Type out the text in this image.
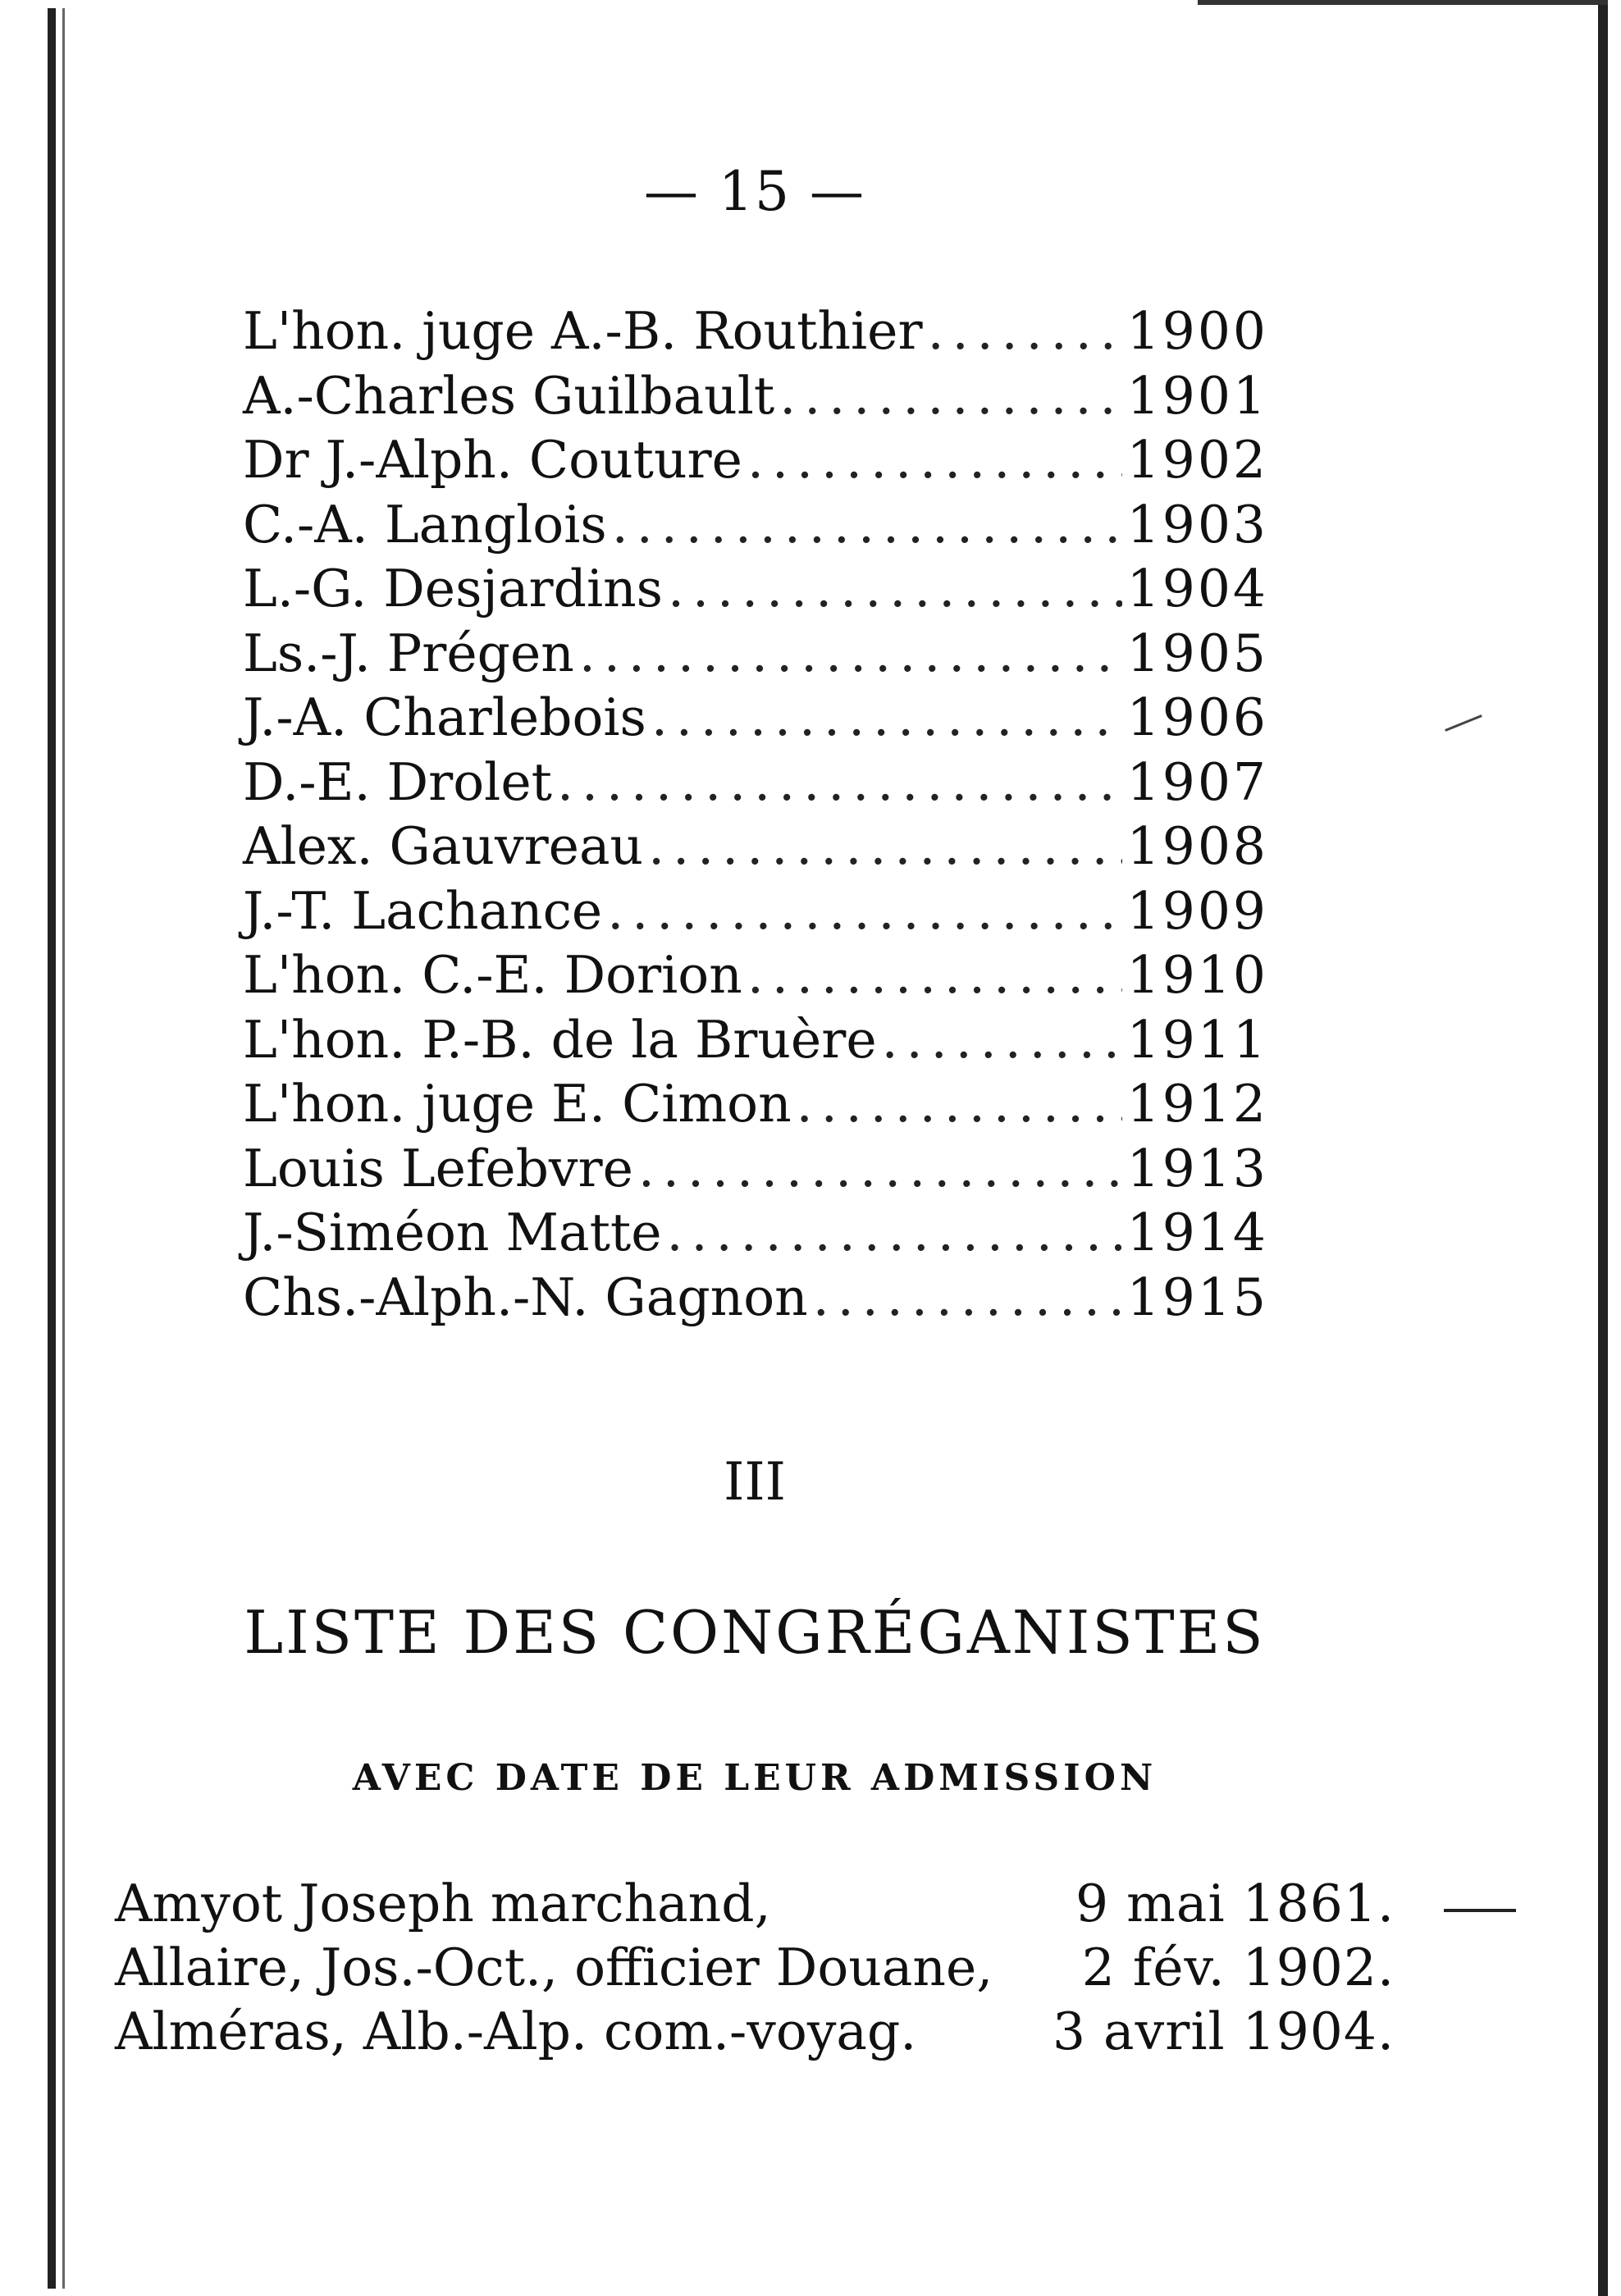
— 15 —
L'hon. juge A.-B. Routhier .....	1900
A.-Charles Guilbault .....	1901
Dr J.-Alph. Couture .....	1902
C.-A. Langlois .....	1903
L.-G. Desjardins .....	1904
Ls.-J. Prégen .....	1905
J.-A. Charlebois .....	1906
D.-E. Drolet .....	1907
Alex. Gauvreau .....	1908
J.-T. Lachance .....	1909
L'hon. C.-E. Dorion .....	1910
L'hon. P.-B. de la Bruère .....	1911
L'hon. juge E. Cimon .....	1912
Louis Lefebvre .....	1913
J.-Siméon Matte .....	1914
Chs.-Alph.-N. Gagnon .....	1915
III
LISTE DES CONGRÉGANISTES
AVEC DATE DE LEUR ADMISSION
Amyot Joseph marchand,	9 mai 1861.
Allaire, Jos.-Oct., officier Douane, 2 fév. 1902.
Alméras, Alb.-Alp. com.-voyag.	3 avril 1904.
